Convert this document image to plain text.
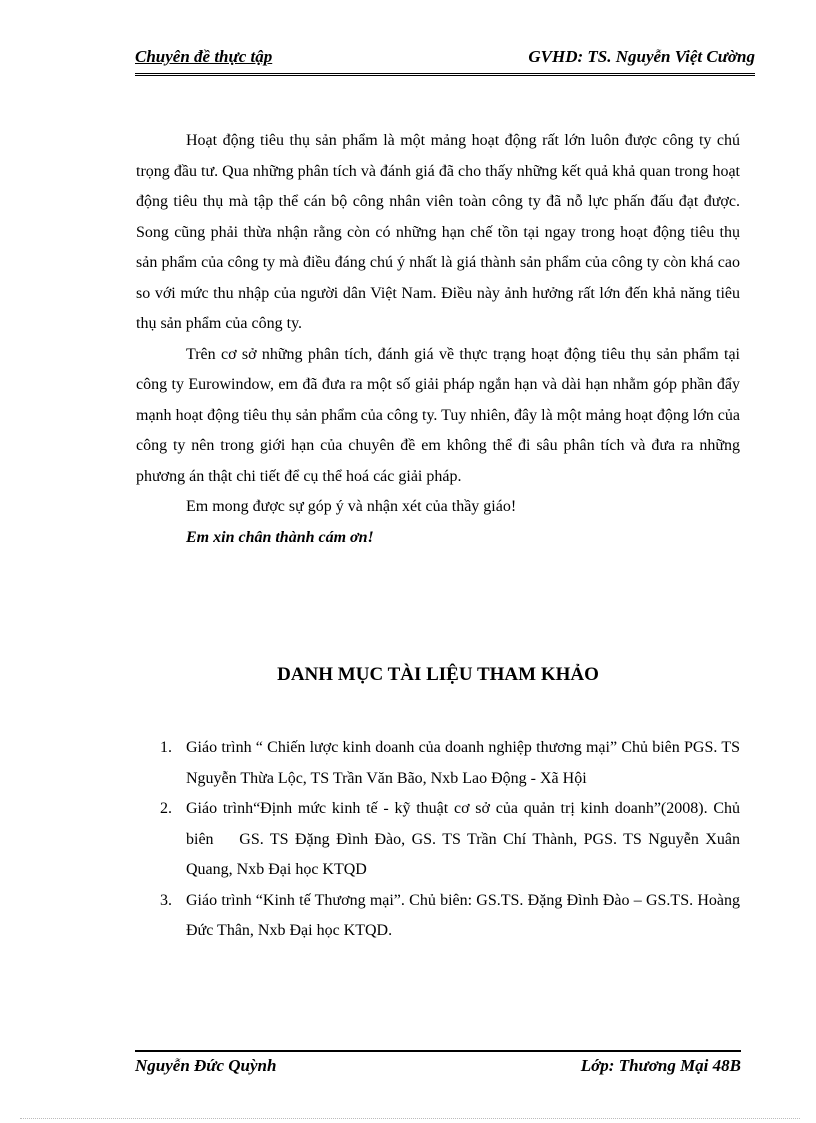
Chuyên đề thực tập	GVHD: TS. Nguyễn Việt Cường

Hoạt động tiêu thụ sản phẩm là một mảng hoạt động rất lớn luôn được công ty chú trọng đầu tư. Qua những phân tích và đánh giá đã cho thấy những kết quả khả quan trong hoạt động tiêu thụ mà tập thể cán bộ công nhân viên toàn công ty đã nỗ lực phấn đấu đạt được. Song cũng phải thừa nhận rằng còn có những hạn chế tồn tại ngay trong hoạt động tiêu thụ sản phẩm của công ty mà điều đáng chú ý nhất là giá thành sản phẩm của công ty còn khá cao so với mức thu nhập của người dân Việt Nam. Điều này ảnh hưởng rất lớn đến khả năng tiêu thụ sản phẩm của công ty.

Trên cơ sở những phân tích, đánh giá về thực trạng hoạt động tiêu thụ sản phẩm tại công ty Eurowindow, em đã đưa ra một số giải pháp ngắn hạn và dài hạn nhằm góp phần đẩy mạnh hoạt động tiêu thụ sản phẩm của công ty. Tuy nhiên, đây là một mảng hoạt động lớn của công ty nên trong giới hạn của chuyên đề em không thể đi sâu phân tích và đưa ra những phương án thật chi tiết để cụ thể hoá các giải pháp.

Em mong được sự góp ý và nhận xét của thầy giáo!

Em xin chân thành cám ơn!

DANH MỤC TÀI LIỆU THAM KHẢO
1. Giáo trình “ Chiến lược kinh doanh của doanh nghiệp thương mại” Chủ biên PGS. TS Nguyễn Thừa Lộc, TS Trần Văn Bão, Nxb Lao Động - Xã Hội
2. Giáo trình“Định mức kinh tế - kỹ thuật cơ sở của quản trị kinh doanh”(2008). Chủ biên    GS. TS Đặng Đình Đào, GS. TS Trần Chí Thành, PGS. TS Nguyễn Xuân Quang, Nxb Đại học KTQD
3. Giáo trình “Kinh tế Thương mại”. Chủ biên: GS.TS. Đặng Đình Đào – GS.TS. Hoàng Đức Thân, Nxb Đại học KTQD.
Nguyễn Đức Quỳnh	Lớp: Thương Mại 48B
